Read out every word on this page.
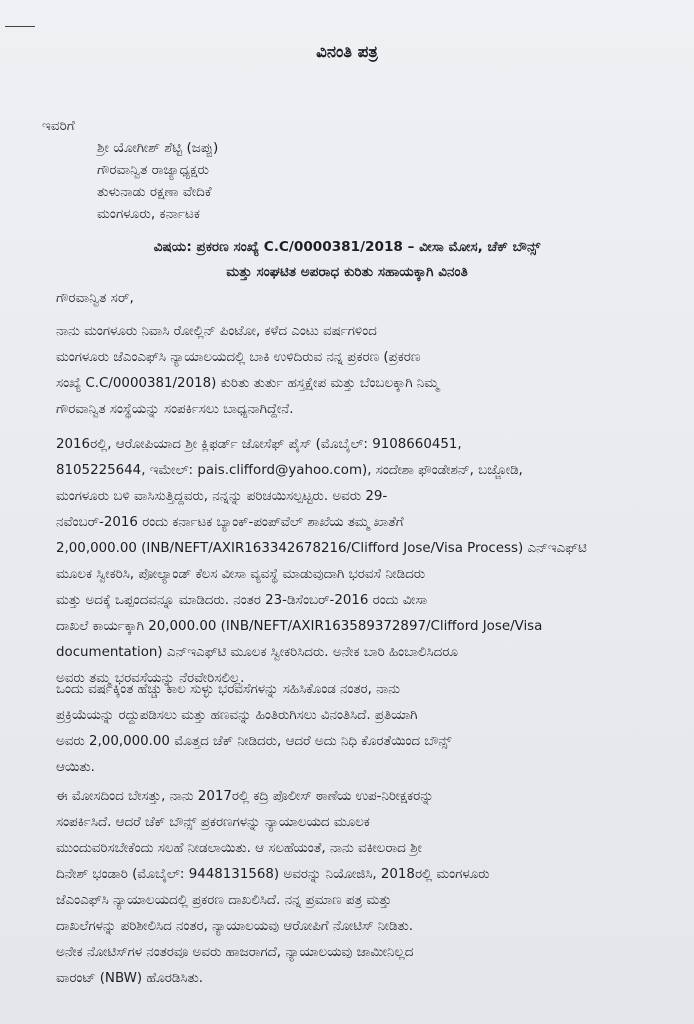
ವಿನಂತಿ ಪತ್ರ
ಇವರಿಗೆ
ಶ್ರೀ ಯೋಗೀಶ್ ಶೆಟ್ಟಿ (ಜಪ್ಪು)
ಗೌರವಾನ್ವಿತ ರಾಜ್ಯಾಧ್ಯಕ್ಷರು
ತುಳುನಾಡು ರಕ್ಷಣಾ ವೇದಿಕೆ
ಮಂಗಳೂರು, ಕರ್ನಾಟಕ
ವಿಷಯ: ಪ್ರಕರಣ ಸಂಖ್ಯೆ C.C/0000381/2018 – ವೀಸಾ ಮೋಸ, ಚೆಕ್ ಬೌನ್ಸ್
ಮತ್ತು ಸಂಘಟಿತ ಅಪರಾಧ ಕುರಿತು ಸಹಾಯಕ್ಕಾಗಿ ವಿನಂತಿ
ಗೌರವಾನ್ವಿತ ಸರ್,

ನಾನು ಮಂಗಳೂರು ನಿವಾಸಿ ರೋಲ್ಲಿನ್ ಪಿಂಟೋ, ಕಳೆದ ಎಂಟು ವರ್ಷಗಳಿಂದ
ಮಂಗಳೂರು ಜೆಎಂಎಫ್‌ಸಿ ನ್ಯಾಯಾಲಯದಲ್ಲಿ ಬಾಕಿ ಉಳಿದಿರುವ ನನ್ನ ಪ್ರಕರಣ (ಪ್ರಕರಣ
ಸಂಖ್ಯೆ C.C/0000381/2018) ಕುರಿತು ತುರ್ತು ಹಸ್ತಕ್ಷೇಪ ಮತ್ತು ಬೆಂಬಲಕ್ಕಾಗಿ ನಿಮ್ಮ
ಗೌರವಾನ್ವಿತ ಸಂಸ್ಥೆಯನ್ನು ಸಂಪರ್ಕಿಸಲು ಬಾಧ್ಯನಾಗಿದ್ದೇನೆ.

2016ರಲ್ಲಿ, ಆರೋಪಿಯಾದ ಶ್ರೀ ಕ್ಲಿಫರ್ಡ್ ಜೋಸೆಫ್ ಪೈಸ್ (ಮೊಬೈಲ್: 9108660451,
8105225644, ಇಮೇಲ್: pais.clifford@yahoo.com), ಸಂದೇಶಾ ಫೌಂಡೇಶನ್, ಬಜ್ಜೋಡಿ,
ಮಂಗಳೂರು ಬಳಿ ವಾಸಿಸುತ್ತಿದ್ದವರು, ನನ್ನನ್ನು ಪರಿಚಯಿಸಲ್ಪಟ್ಟರು. ಅವರು 29-
ನವೆಂಬರ್-2016 ರಂದು ಕರ್ನಾಟಕ ಬ್ಯಾಂಕ್-ಪಂಪ್‌ವೆಲ್ ಶಾಖೆಯ ತಮ್ಮ ಖಾತೆಗೆ
2,00,000.00 (INB/NEFT/AXIR163342678216/Clifford Jose/Visa Process) ಎನ್‌ಇಎಫ್‌ಟಿ
ಮೂಲಕ ಸ್ವೀಕರಿಸಿ, ಪೋಲ್ಯಾಂಡ್ ಕೆಲಸ ವೀಸಾ ವ್ಯವಸ್ಥೆ ಮಾಡುವುದಾಗಿ ಭರವಸೆ ನೀಡಿದರು
ಮತ್ತು ಅದಕ್ಕೆ ಒಪ್ಪಂದವನ್ನೂ ಮಾಡಿದರು. ನಂತರ 23-ಡಿಸೆಂಬರ್-2016 ರಂದು ವೀಸಾ
ದಾಖಲೆ ಕಾರ್ಯಕ್ಕಾಗಿ 20,000.00 (INB/NEFT/AXIR163589372897/Clifford Jose/Visa
documentation) ಎನ್‌ಇಎಫ್‌ಟಿ ಮೂಲಕ ಸ್ವೀಕರಿಸಿದರು. ಅನೇಕ ಬಾರಿ ಹಿಂಬಾಲಿಸಿದರೂ
ಅವರು ತಮ್ಮ ಭರವಸೆಯನ್ನು ನೆರವೇರಿಸಲಿಲ್ಲ.

ಒಂದು ವರ್ಷಕ್ಕಿಂತ ಹೆಚ್ಚು ಕಾಲ ಸುಳ್ಳು ಭರವಸೆಗಳನ್ನು ಸಹಿಸಿಕೊಂಡ ನಂತರ, ನಾನು
ಪ್ರಕ್ರಿಯೆಯನ್ನು ರದ್ದುಪಡಿಸಲು ಮತ್ತು ಹಣವನ್ನು ಹಿಂತಿರುಗಿಸಲು ವಿನಂತಿಸಿದೆ. ಪ್ರತಿಯಾಗಿ
ಅವರು 2,00,000.00 ಮೊತ್ತದ ಚೆಕ್ ನೀಡಿದರು, ಆದರೆ ಅದು ನಿಧಿ ಕೊರತೆಯಿಂದ ಬೌನ್ಸ್
ಆಯಿತು.

ಈ ಮೋಸದಿಂದ ಬೇಸತ್ತು, ನಾನು 2017ರಲ್ಲಿ ಕದ್ರಿ ಪೊಲೀಸ್ ಠಾಣೆಯ ಉಪ-ನಿರೀಕ್ಷಕರನ್ನು
ಸಂಪರ್ಕಿಸಿದೆ. ಆದರೆ ಚೆಕ್ ಬೌನ್ಸ್ ಪ್ರಕರಣಗಳನ್ನು ನ್ಯಾಯಾಲಯದ ಮೂಲಕ
ಮುಂದುವರಿಸಬೇಕೆಂದು ಸಲಹೆ ನೀಡಲಾಯಿತು. ಆ ಸಲಹೆಯಂತೆ, ನಾನು ವಕೀಲರಾದ ಶ್ರೀ
ದಿನೇಶ್ ಭಂಡಾರಿ (ಮೊಬೈಲ್: 9448131568) ಅವರನ್ನು ನಿಯೋಜಿಸಿ, 2018ರಲ್ಲಿ ಮಂಗಳೂರು
ಜೆಎಂಎಫ್‌ಸಿ ನ್ಯಾಯಾಲಯದಲ್ಲಿ ಪ್ರಕರಣ ದಾಖಲಿಸಿದೆ. ನನ್ನ ಪ್ರಮಾಣ ಪತ್ರ ಮತ್ತು
ದಾಖಲೆಗಳನ್ನು ಪರಿಶೀಲಿಸಿದ ನಂತರ, ನ್ಯಾಯಾಲಯವು ಆರೋಪಿಗೆ ನೋಟಿಸ್ ನೀಡಿತು.
ಅನೇಕ ನೋಟಿಸ್‌ಗಳ ನಂತರವೂ ಅವರು ಹಾಜರಾಗದೆ, ನ್ಯಾಯಾಲಯವು ಜಾಮೀನಿಲ್ಲದ
ವಾರಂಟ್ (NBW) ಹೊರಡಿಸಿತು.
